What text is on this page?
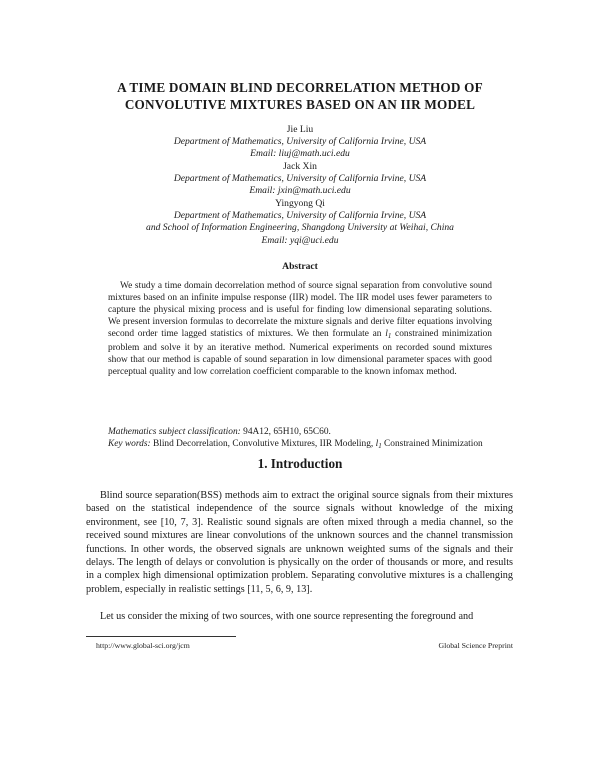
A TIME DOMAIN BLIND DECORRELATION METHOD OF
CONVOLUTIVE MIXTURES BASED ON AN IIR MODEL
Jie Liu
Department of Mathematics, University of California Irvine, USA
Email: liuj@math.uci.edu
Jack Xin
Department of Mathematics, University of California Irvine, USA
Email: jxin@math.uci.edu
Yingyong Qi
Department of Mathematics, University of California Irvine, USA
and School of Information Engineering, Shangdong University at Weihai, China
Email: yqi@uci.edu
Abstract

We study a time domain decorrelation method of source signal separation from convolutive sound mixtures based on an infinite impulse response (IIR) model. The IIR model uses fewer parameters to capture the physical mixing process and is useful for finding low dimensional separating solutions. We present inversion formulas to decorrelate the mixture signals and derive filter equations involving second order time lagged statistics of mixtures. We then formulate an $l_1$ constrained minimization problem and solve it by an iterative method. Numerical experiments on recorded sound mixtures show that our method is capable of sound separation in low dimensional parameter spaces with good perceptual quality and low correlation coefficient comparable to the known infomax method.

Mathematics subject classification: 94A12, 65H10, 65C60.
Key words: Blind Decorrelation, Convolutive Mixtures, IIR Modeling, $l_1$ Constrained Minimization
1. Introduction

Blind source separation(BSS) methods aim to extract the original source signals from their mixtures based on the statistical independence of the source signals without knowledge of the mixing environment, see [10, 7, 3]. Realistic sound signals are often mixed through a media channel, so the received sound mixtures are linear convolutions of the unknown sources and the channel transmission functions. In other words, the observed signals are unknown weighted sums of the signals and their delays. The length of delays or convolution is physically on the order of thousands or more, and results in a complex high dimensional optimization problem. Separating convolutive mixtures is a challenging problem, especially in realistic settings [11, 5, 6, 9, 13].

Let us consider the mixing of two sources, with one source representing the foreground and

http://www.global-sci.org/jcm	Global Science Preprint
